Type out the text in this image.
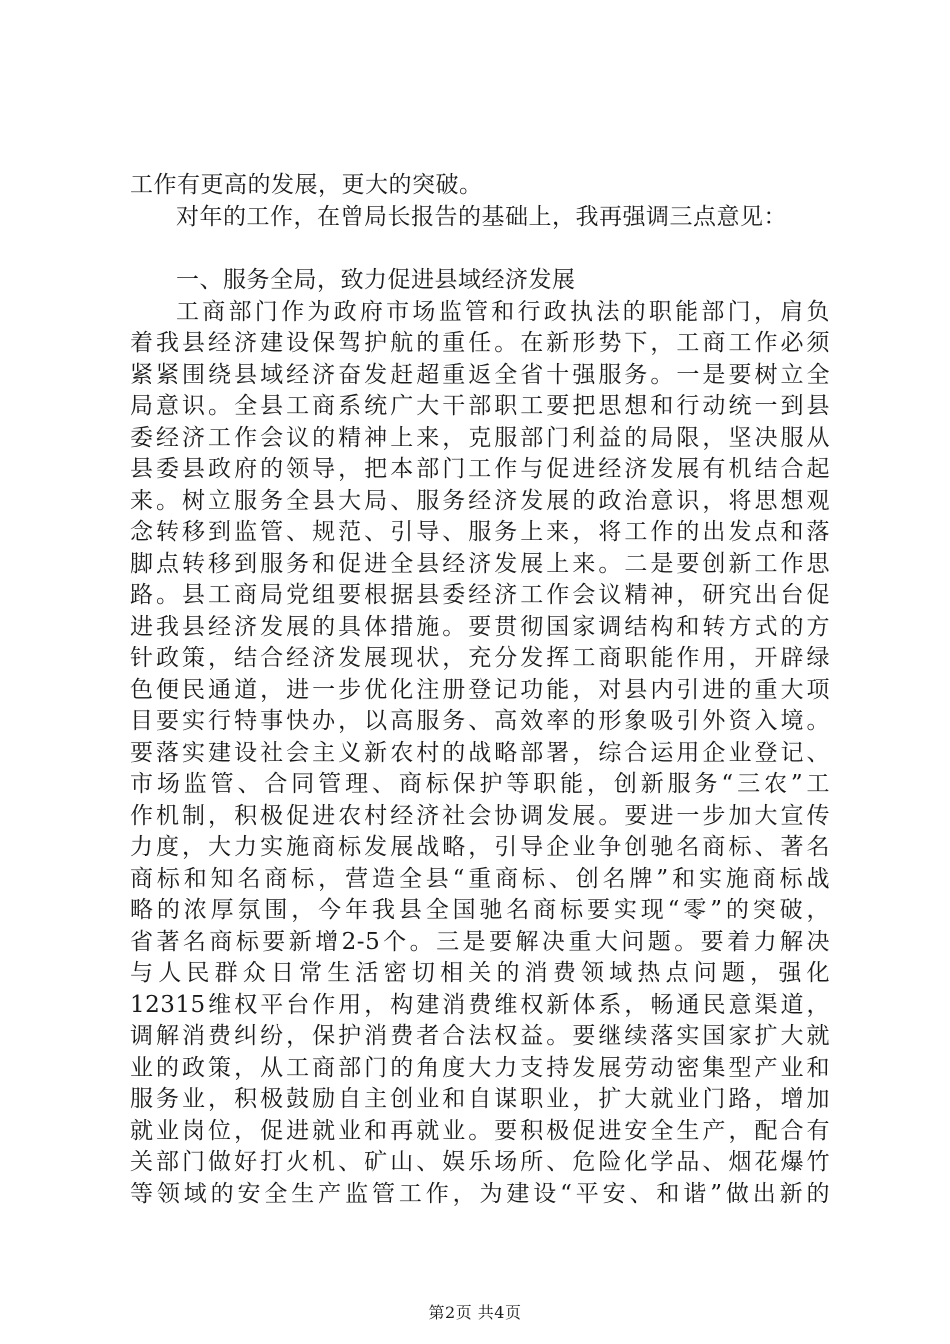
工作有更高的发展，更大的突破。
对年的工作，在曾局长报告的基础上，我再强调三点意见：
一、服务全局，致力促进县域经济发展
工商部门作为政府市场监管和行政执法的职能部门，肩负
着我县经济建设保驾护航的重任。在新形势下，工商工作必须
紧紧围绕县域经济奋发赶超重返全省十强服务。一是要树立全
局意识。全县工商系统广大干部职工要把思想和行动统一到县
委经济工作会议的精神上来，克服部门利益的局限，坚决服从
县委县政府的领导，把本部门工作与促进经济发展有机结合起
来。树立服务全县大局、服务经济发展的政治意识，将思想观
念转移到监管、规范、引导、服务上来，将工作的出发点和落
脚点转移到服务和促进全县经济发展上来。二是要创新工作思
路。县工商局党组要根据县委经济工作会议精神，研究出台促
进我县经济发展的具体措施。要贯彻国家调结构和转方式的方
针政策，结合经济发展现状，充分发挥工商职能作用，开辟绿
色便民通道，进一步优化注册登记功能，对县内引进的重大项
目要实行特事快办，以高服务、高效率的形象吸引外资入境。
要落实建设社会主义新农村的战略部署，综合运用企业登记、
市场监管、合同管理、商标保护等职能，创新服务“三农”工
作机制，积极促进农村经济社会协调发展。要进一步加大宣传
力度，大力实施商标发展战略，引导企业争创驰名商标、著名
商标和知名商标，营造全县“重商标、创名牌”和实施商标战
略的浓厚氛围，今年我县全国驰名商标要实现“零”的突破，
省著名商标要新增2-5个。三是要解决重大问题。要着力解决
与人民群众日常生活密切相关的消费领域热点问题，强化
12315维权平台作用，构建消费维权新体系，畅通民意渠道，
调解消费纠纷，保护消费者合法权益。要继续落实国家扩大就
业的政策，从工商部门的角度大力支持发展劳动密集型产业和
服务业，积极鼓励自主创业和自谋职业，扩大就业门路，增加
就业岗位，促进就业和再就业。要积极促进安全生产，配合有
关部门做好打火机、矿山、娱乐场所、危险化学品、烟花爆竹
等领域的安全生产监管工作，为建设“平安、和谐”做出新的
第2页 共4页
